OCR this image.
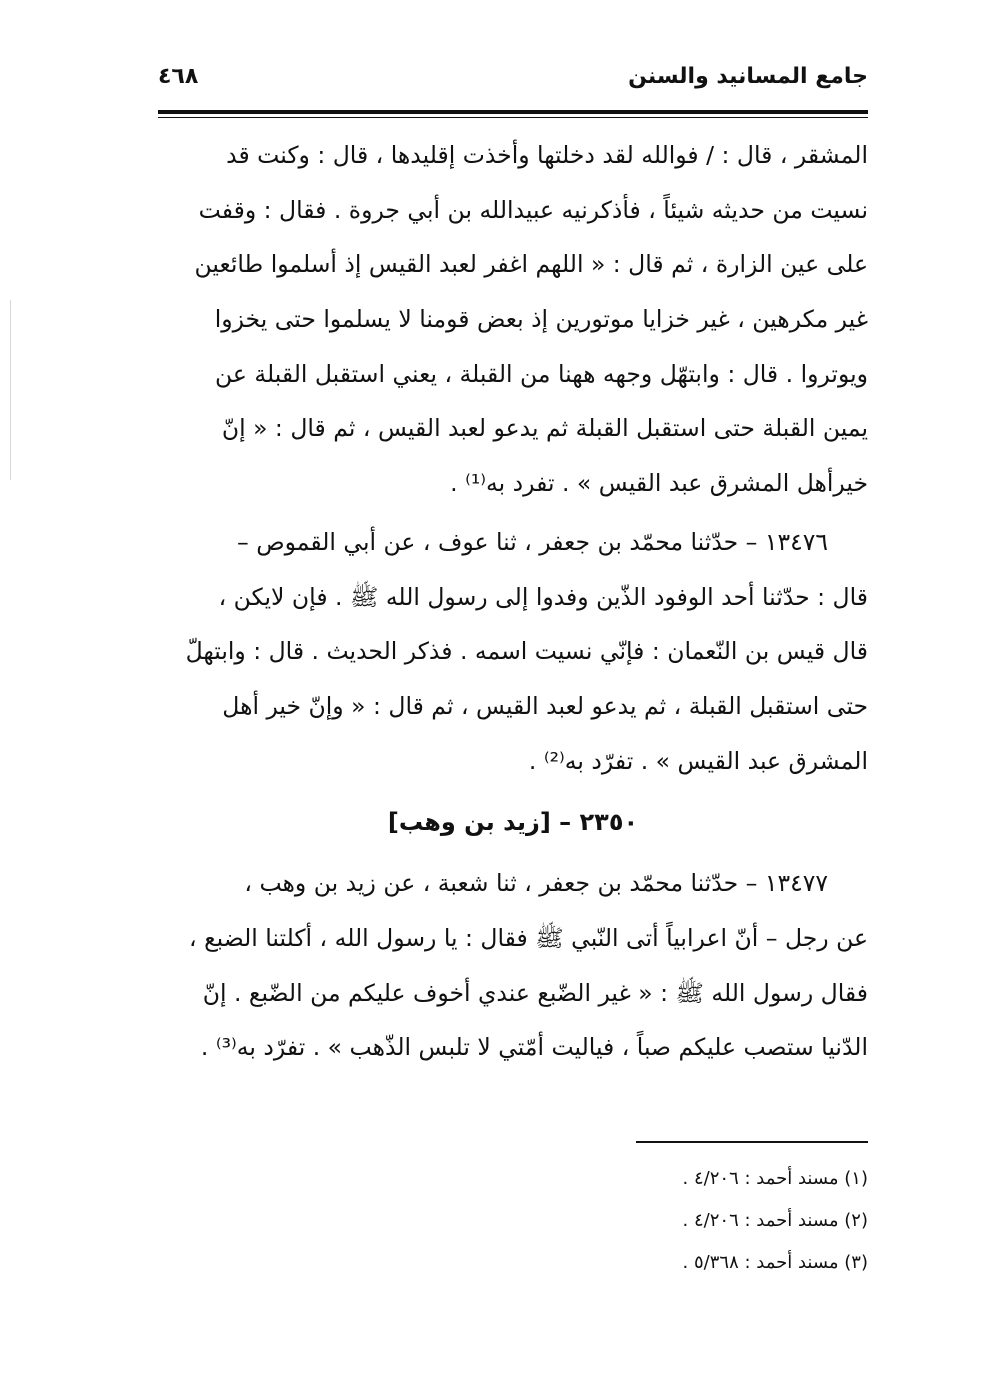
جامع المسانيد والسنن
٤٦٨
المشقر ، قال : / فوالله لقد دخلتها وأخذت إقليدها ، قال : وكنت قد
نسيت من حديثه شيئاً ، فأذكرنيه عبيدالله بن أبي جروة . فقال : وقفت
على عين الزارة ، ثم قال : « اللهم اغفر لعبد القيس إذ أسلموا طائعين
غير مكرهين ، غير خزايا موتورين إذ بعض قومنا لا يسلموا حتى يخزوا
ويوتروا . قال : وابتهّل وجهه ههنا من القبلة ، يعني استقبل القبلة عن
يمين القبلة حتى استقبل القبلة ثم يدعو لعبد القيس ، ثم قال : « إنّ
خيرأهل المشرق عبد القيس » . تفرد به⁽¹⁾ .
١٣٤٧٦ – حدّثنا محمّد بن جعفر ، ثنا عوف ، عن أبي القموص –
قال : حدّثنا أحد الوفود الذّين وفدوا إلى رسول الله ﷺ . فإن لايكن ،
قال قيس بن النّعمان : فإنّي نسيت اسمه . فذكر الحديث . قال : وابتهلّ
حتى استقبل القبلة ، ثم يدعو لعبد القيس ، ثم قال : « وإنّ خير أهل
المشرق عبد القيس » . تفرّد به⁽²⁾ .
٢٣٥٠ – [زيد بن وهب]
١٣٤٧٧ – حدّثنا محمّد بن جعفر ، ثنا شعبة ، عن زيد بن وهب ،
عن رجل – أنّ اعرابياً أتى النّبي ﷺ فقال : يا رسول الله ، أكلتنا الضبع ،
فقال رسول الله ﷺ : « غير الضّبع عندي أخوف عليكم من الضّبع . إنّ
الدّنيا ستصب عليكم صباً ، فياليت أمّتي لا تلبس الذّهب » . تفرّد به⁽³⁾ .
(١) مسند أحمد : ٤/٢٠٦ .
(٢) مسند أحمد : ٤/٢٠٦ .
(٣) مسند أحمد : ٥/٣٦٨ .
